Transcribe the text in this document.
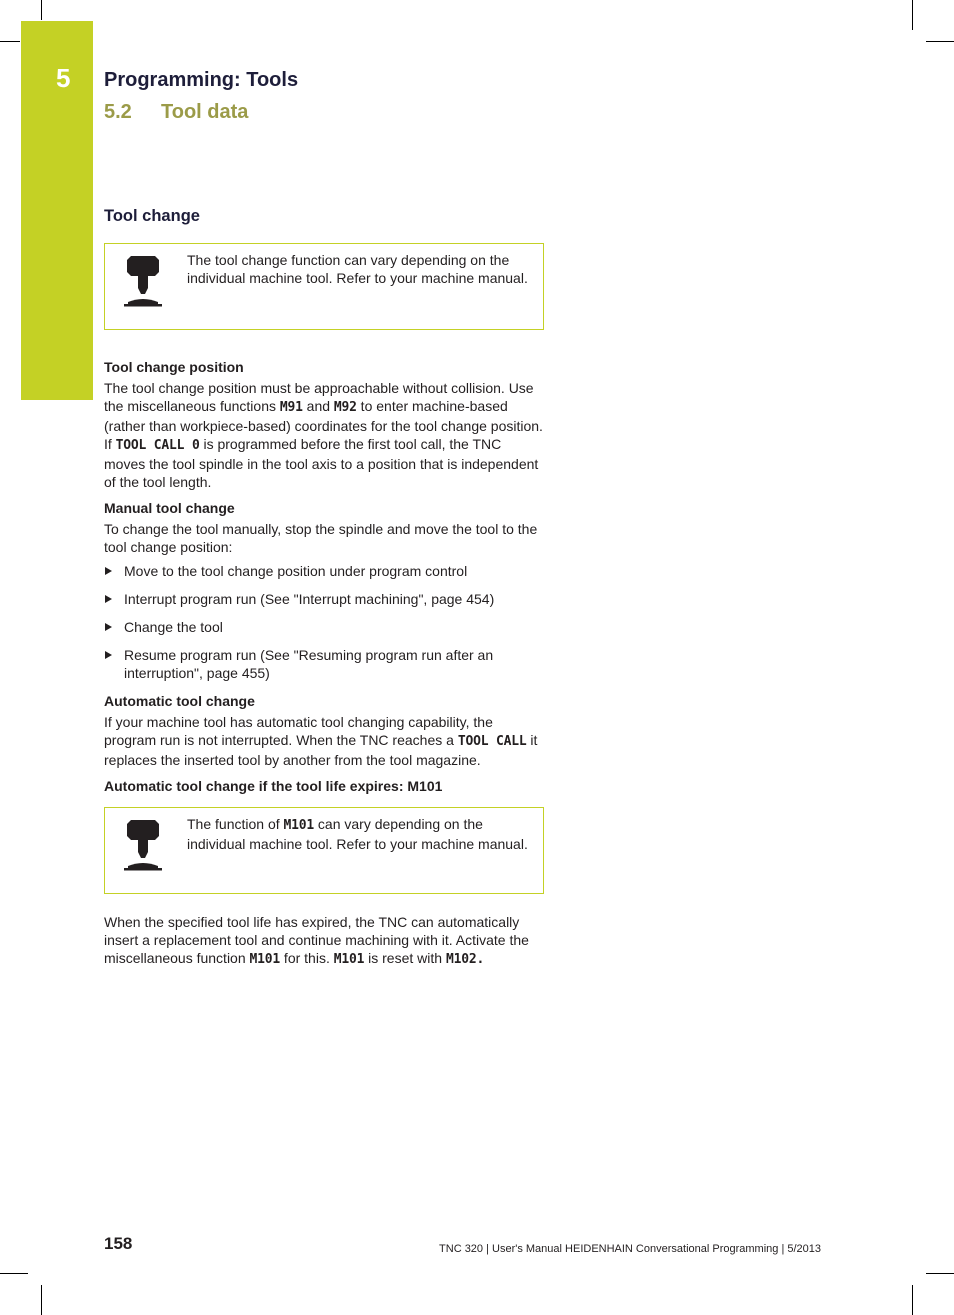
5 Programming: Tools
5.2 Tool data
Tool change
The tool change function can vary depending on the individual machine tool. Refer to your machine manual.
Tool change position

The tool change position must be approachable without collision. Use the miscellaneous functions M91 and M92 to enter machine-based (rather than workpiece-based) coordinates for the tool change position. If TOOL CALL 0 is programmed before the first tool call, the TNC moves the tool spindle in the tool axis to a position that is independent of the tool length.

Manual tool change

To change the tool manually, stop the spindle and move the tool to the tool change position:

Move to the tool change position under program control
Interrupt program run (See "Interrupt machining", page 454)
Change the tool
Resume program run (See "Resuming program run after an interruption", page 455)
Automatic tool change

If your machine tool has automatic tool changing capability, the program run is not interrupted. When the TNC reaches a TOOL CALL it replaces the inserted tool by another from the tool magazine.

Automatic tool change if the tool life expires: M101
The function of M101 can vary depending on the individual machine tool. Refer to your machine manual.

When the specified tool life has expired, the TNC can automatically insert a replacement tool and continue machining with it. Activate the miscellaneous function M101 for this. M101 is reset with M102.

158	TNC 320 | User's Manual HEIDENHAIN Conversational Programming | 5/2013
